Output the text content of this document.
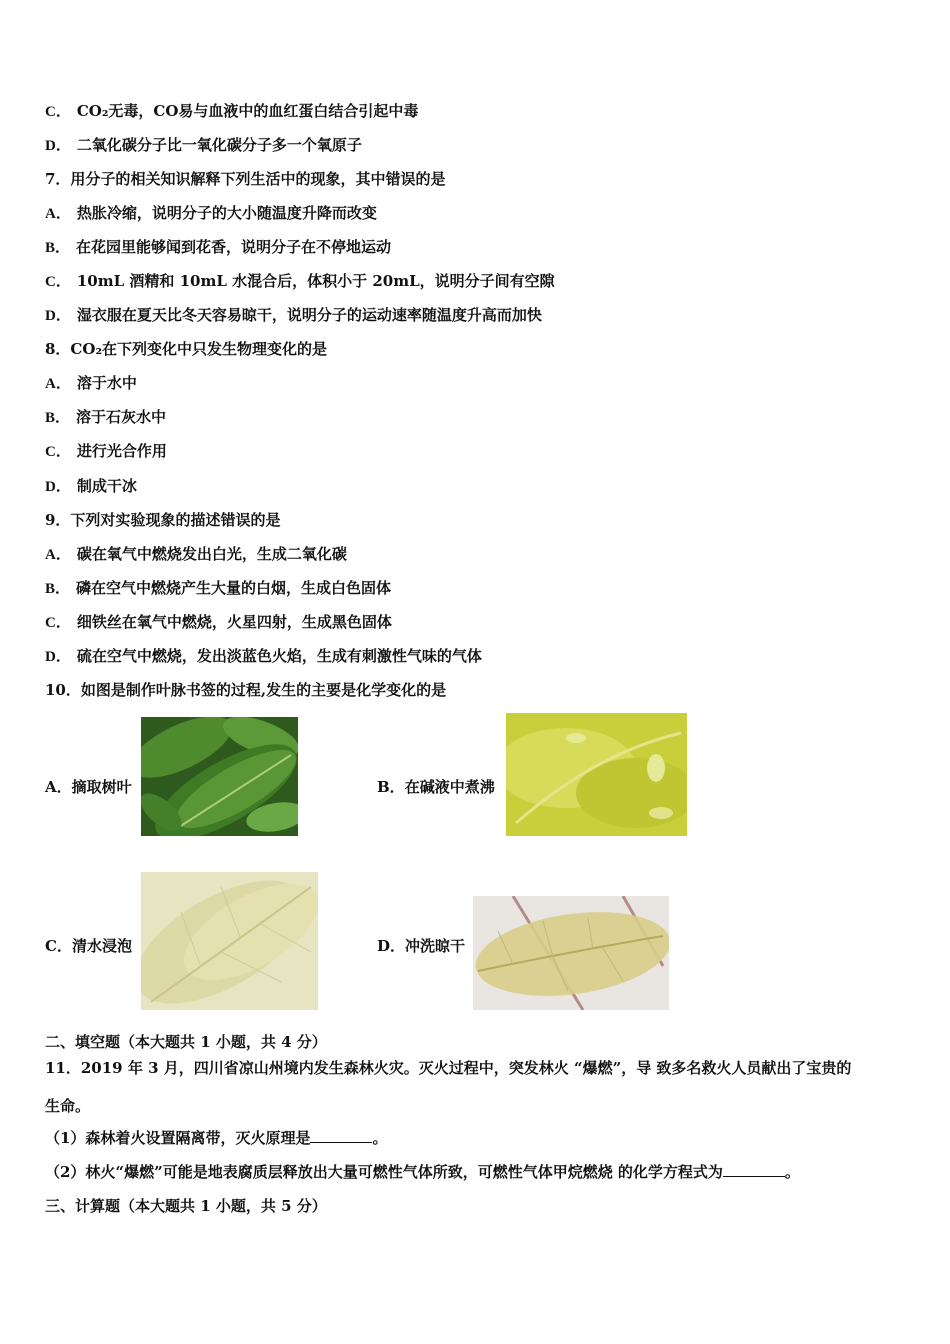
C． CO₂无毒，CO易与血液中的血红蛋白结合引起中毒
D． 二氧化碳分子比一氧化碳分子多一个氧原子
7．用分子的相关知识解释下列生活中的现象，其中错误的是
A． 热胀冷缩，说明分子的大小随温度升降而改变
B． 在花园里能够闻到花香，说明分子在不停地运动
C． 10mL 酒精和 10mL 水混合后，体积小于 20mL，说明分子间有空隙
D． 湿衣服在夏天比冬天容易晾干，说明分子的运动速率随温度升高而加快
8．CO₂在下列变化中只发生物理变化的是
A． 溶于水中
B． 溶于石灰水中
C． 进行光合作用
D． 制成干冰
9．下列对实验现象的描述错误的是
A． 碳在氧气中燃烧发出白光，生成二氧化碳
B． 磷在空气中燃烧产生大量的白烟，生成白色固体
C． 细铁丝在氧气中燃烧，火星四射，生成黑色固体
D． 硫在空气中燃烧，发出淡蓝色火焰，生成有刺激性气味的气体
10．如图是制作叶脉书签的过程,发生的主要是化学变化的是
A．摘取树叶	B．在碱液中煮沸
C．清水浸泡	D．冲洗晾干
二、填空题（本大题共 1 小题，共 4 分）
11．2019 年 3 月，四川省凉山州境内发生森林火灾。灭火过程中，突发林火 “爆燃”，导 致多名救火人员献出了宝贵的
生命。
（1）森林着火设置隔离带，灭火原理是	。
（2）林火“爆燃”可能是地表腐质层释放出大量可燃性气体所致，可燃性气体甲烷燃烧 的化学方程式为	。
三、计算题（本大题共 1 小题，共 5 分）
